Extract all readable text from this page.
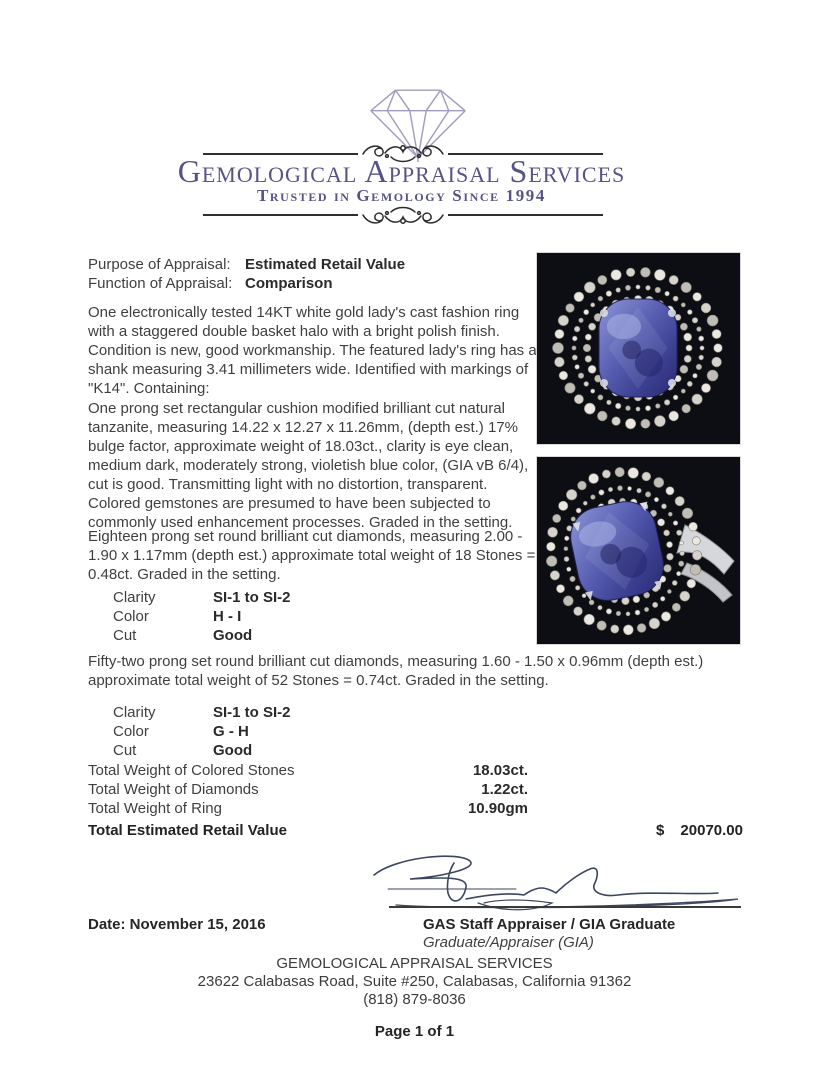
Gemological Appraisal Services
Trusted in Gemology Since 1994
Purpose of Appraisal: Estimated Retail Value
Function of Appraisal: Comparison
One electronically tested 14KT white gold lady's cast fashion ring with a staggered double basket halo with a bright polish finish. Condition is new, good workmanship. The featured lady's ring has a shank measuring 3.41 millimeters wide. Identified with markings of "K14". Containing:
One prong set rectangular cushion modified brilliant cut natural tanzanite, measuring 14.22 x 12.27 x 11.26mm, (depth est.) 17% bulge factor, approximate weight of 18.03ct., clarity is eye clean, medium dark, moderately strong, violetish blue color, (GIA vB 6/4), cut is good. Transmitting light with no distortion, transparent. Colored gemstones are presumed to have been subjected to commonly used enhancement processes. Graded in the setting.
Eighteen prong set round brilliant cut diamonds, measuring 2.00 - 1.90 x 1.17mm (depth est.) approximate total weight of 18 Stones = 0.48ct. Graded in the setting.
Fifty-two prong set round brilliant cut diamonds, measuring 1.60 - 1.50 x 0.96mm (depth est.) approximate total weight of 52 Stones = 0.74ct. Graded in the setting.
Clarity	SI-1 to SI-2
Color	H - I
Cut	Good
Clarity	SI-1 to SI-2
Color	G - H
Cut	Good
Total Weight of Colored Stones	18.03ct.
Total Weight of Diamonds	1.22ct.
Total Weight of Ring	10.90gm
Total Estimated Retail Value	$	20070.00
Date: November 15, 2016	GAS Staff Appraiser / GIA Graduate
Graduate/Appraiser (GIA)
GEMOLOGICAL APPRAISAL SERVICES
23622 Calabasas Road, Suite #250, Calabasas, California 91362
(818) 879-8036
Page 1 of 1
